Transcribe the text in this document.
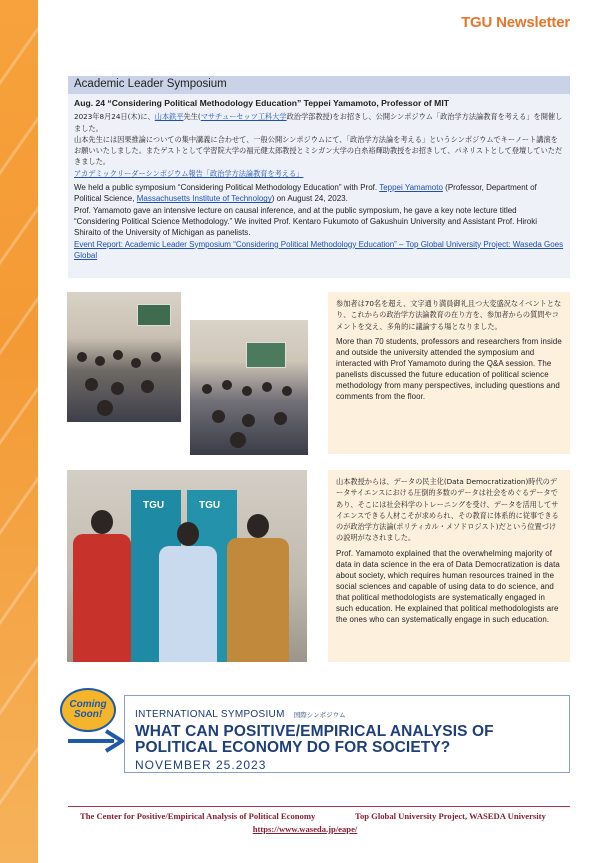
TGU Newsletter
Academic Leader Symposium
Aug. 24 “Considering Political Methodology Education” Teppei Yamamoto, Professor of MIT
2023年8月24日(木)に、山本鉄平先生(マサチューセッツ工科大学政治学部教授)をお招きし、公開シンポジウム「政治学方法論教育を考える」を開催しました。
山本先生には因果推論についての集中講義に合わせて、一般公開シンポジウムにて、「政治学方法論を考える」というシンポジウムでキーノート講演をお願いいたしました。またゲストとして学習院大学の福元健太郎教授とミシガン大学の白糸裕輝助教授をお招きして、パネリストとして登壇していただきました。
アカデミックリーダーシンポジウム報告「政治学方法論教育を考える」
We held a public symposium “Considering Political Methodology Education” with Prof. Teppei Yamamoto (Professor, Department of Political Science, Massachusetts Institute of Technology) on August 24, 2023.
Prof. Yamamoto gave an intensive lecture on causal inference, and at the public symposium, he gave a key note lecture titled “Considering Political Science Methodology.” We invited Prof. Kentaro Fukumoto of Gakushuin University and Assistant Prof. Hiroki Shiraito of the University of Michigan as panelists.
Event Report: Academic Leader Symposium “Considering Political Methodology Education” – Top Global University Project: Waseda Goes Global
TGU	TGU
参加者は70名を超え、文字通り満員御礼且つ大変盛況なイベントとなり、これからの政治学方法論教育の在り方を、参加者からの質問やコメントを交え、多角的に議論する場となりました。
More than 70 students, professors and researchers from inside and outside the university attended the symposium and interacted with Prof Yamamoto during the Q&A session. The panelists discussed the future education of political science methodology from many perspectives, including questions and comments from the floor.
山本教授からは、データの民主化(Data Democratization)時代のデータサイエンスにおける圧倒的多数のデータは社会をめぐるデータであり、そこには社会科学のトレーニングを受け、データを活用してサイエンスできる人材こそが求められ、その教育に体系的に従事できるのが政治学方法論(ポリティカル・メソドロジスト)だという位置づけの説明がなされました。
Prof. Yamamoto explained that the overwhelming majority of data in data science in the era of Data Democratization is data about society, which requires human resources trained in the social sciences and capable of using data to do science, and that political methodologists are systematically engaged in such education. He explained that political methodologists are the ones who can systematically engage in such education.
Coming Soon!	INTERNATIONAL SYMPOSIUM 国際シンポジウム
WHAT CAN POSITIVE/EMPIRICAL ANALYSIS OF
POLITICAL ECONOMY DO FOR SOCIETY?
NOVEMBER 25.2023
The Center for Positive/Empirical Analysis of Political Economy	Top Global University Project, WASEDA University
https://www.waseda.jp/eape/
